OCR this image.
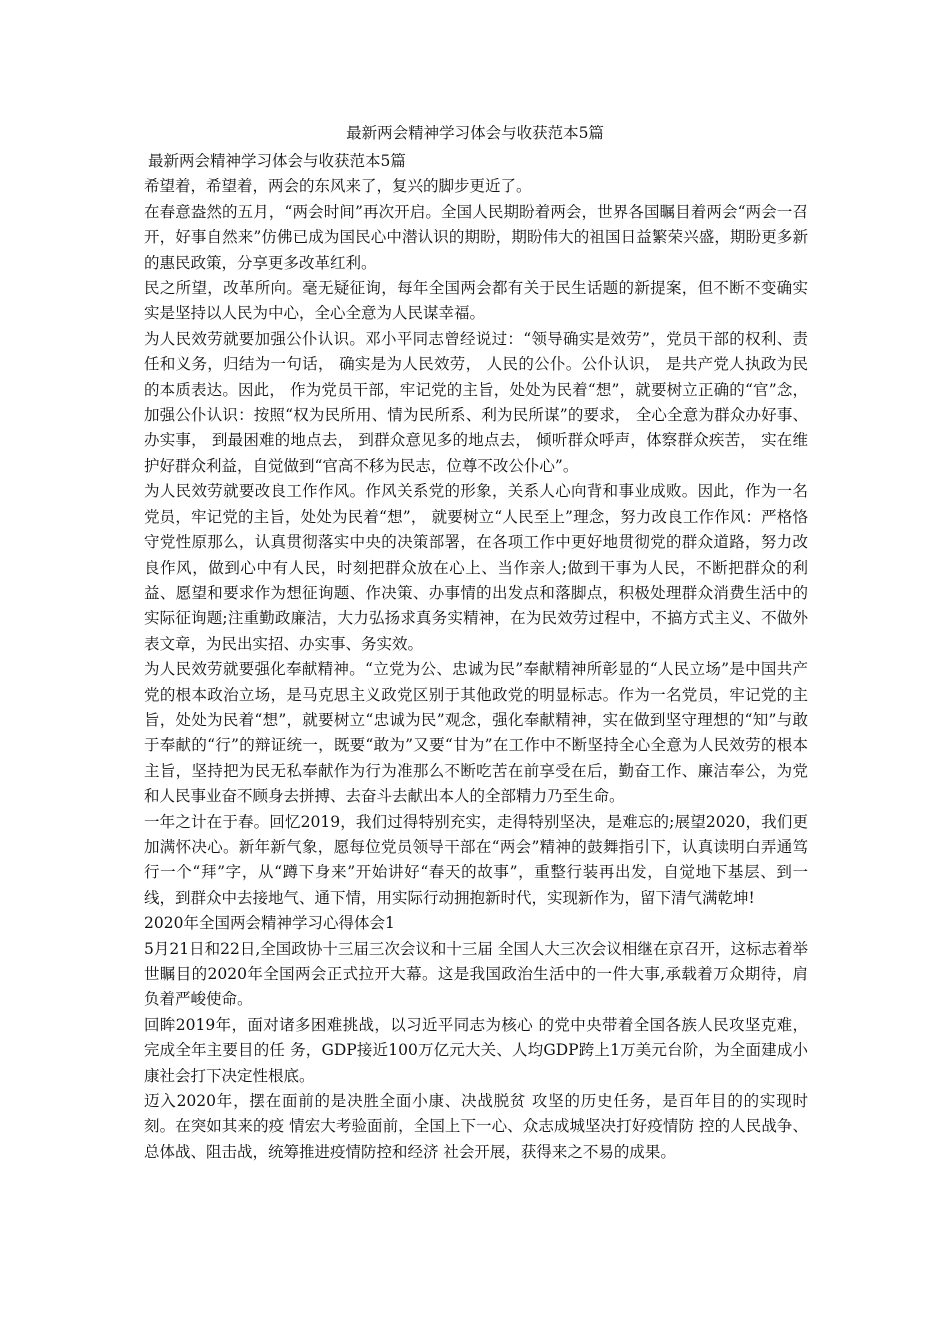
最新两会精神学习体会与收获范本5篇

最新两会精神学习体会与收获范本5篇

希望着，希望着，两会的东风来了，复兴的脚步更近了。

在春意盎然的五月，“两会时间”再次开启。全国人民期盼着两会，世界各国瞩目着两会“两会一召开，好事自然来”仿佛已成为国民心中潜认识的期盼，期盼伟大的祖国日益繁荣兴盛，期盼更多新的惠民政策，分享更多改革红利。

民之所望，改革所向。毫无疑征询，每年全国两会都有关于民生话题的新提案，但不断不变确实实是坚持以人民为中心，全心全意为人民谋幸福。

为人民效劳就要加强公仆认识。邓小平同志曾经说过：“领导确实是效劳”，党员干部的权利、责任和义务，归结为一句话， 确实是为人民效劳， 人民的公仆。公仆认识， 是共产党人执政为民的本质表达。因此， 作为党员干部，牢记党的主旨，处处为民着“想”，就要树立正确的“官”念，加强公仆认识：按照“权为民所用、情为民所系、利为民所谋”的要求， 全心全意为群众办好事、办实事， 到最困难的地点去， 到群众意见多的地点去， 倾听群众呼声，体察群众疾苦， 实在维护好群众利益，自觉做到“官高不移为民志，位尊不改公仆心”。

为人民效劳就要改良工作作风。作风关系党的形象，关系人心向背和事业成败。因此，作为一名党员，牢记党的主旨，处处为民着“想”， 就要树立“人民至上”理念，努力改良工作作风：严格恪守党性原那么，认真贯彻落实中央的决策部署，在各项工作中更好地贯彻党的群众道路，努力改良作风，做到心中有人民，时刻把群众放在心上、当作亲人;做到干事为人民，不断把群众的利益、愿望和要求作为想征询题、作决策、办事情的出发点和落脚点，积极处理群众消费生活中的实际征询题;注重勤政廉洁，大力弘扬求真务实精神，在为民效劳过程中，不搞方式主义、不做外表文章，为民出实招、办实事、务实效。

为人民效劳就要强化奉献精神。“立党为公、忠诚为民”奉献精神所彰显的“人民立场”是中国共产党的根本政治立场，是马克思主义政党区别于其他政党的明显标志。作为一名党员，牢记党的主旨，处处为民着“想”，就要树立“忠诚为民”观念，强化奉献精神，实在做到坚守理想的“知”与敢于奉献的“行”的辩证统一，既要“敢为”又要“甘为”在工作中不断坚持全心全意为人民效劳的根本主旨，坚持把为民无私奉献作为行为准那么不断吃苦在前享受在后，勤奋工作、廉洁奉公，为党和人民事业奋不顾身去拼搏、去奋斗去献出本人的全部精力乃至生命。

一年之计在于春。回忆2019，我们过得特别充实，走得特别坚决，是难忘的;展望2020，我们更加满怀决心。新年新气象，愿每位党员领导干部在“两会”精神的鼓舞指引下，认真读明白弄通笃行一个“拜”字，从“蹲下身来”开始讲好“春天的故事”，重整行装再出发，自觉地下基层、到一线，到群众中去接地气、通下情，用实际行动拥抱新时代，实现新作为，留下清气满乾坤!

2020年全国两会精神学习心得体会1

5月21日和22日,全国政协十三届三次会议和十三届 全国人大三次会议相继在京召开，这标志着举世瞩目的2020年全国两会正式拉开大幕。这是我国政治生活中的一件大事,承载着万众期待，肩负着严峻使命。

回眸2019年，面对诸多困难挑战，以习近平同志为核心 的党中央带着全国各族人民攻坚克难，完成全年主要目的任 务，GDP接近100万亿元大关、人均GDP跨上1万美元台阶，为全面建成小康社会打下决定性根底。

迈入2020年，摆在面前的是决胜全面小康、决战脱贫 攻坚的历史任务，是百年目的的实现时刻。在突如其来的疫 情宏大考验面前，全国上下一心、众志成城坚决打好疫情防 控的人民战争、总体战、阻击战，统筹推进疫情防控和经济 社会开展，获得来之不易的成果。
